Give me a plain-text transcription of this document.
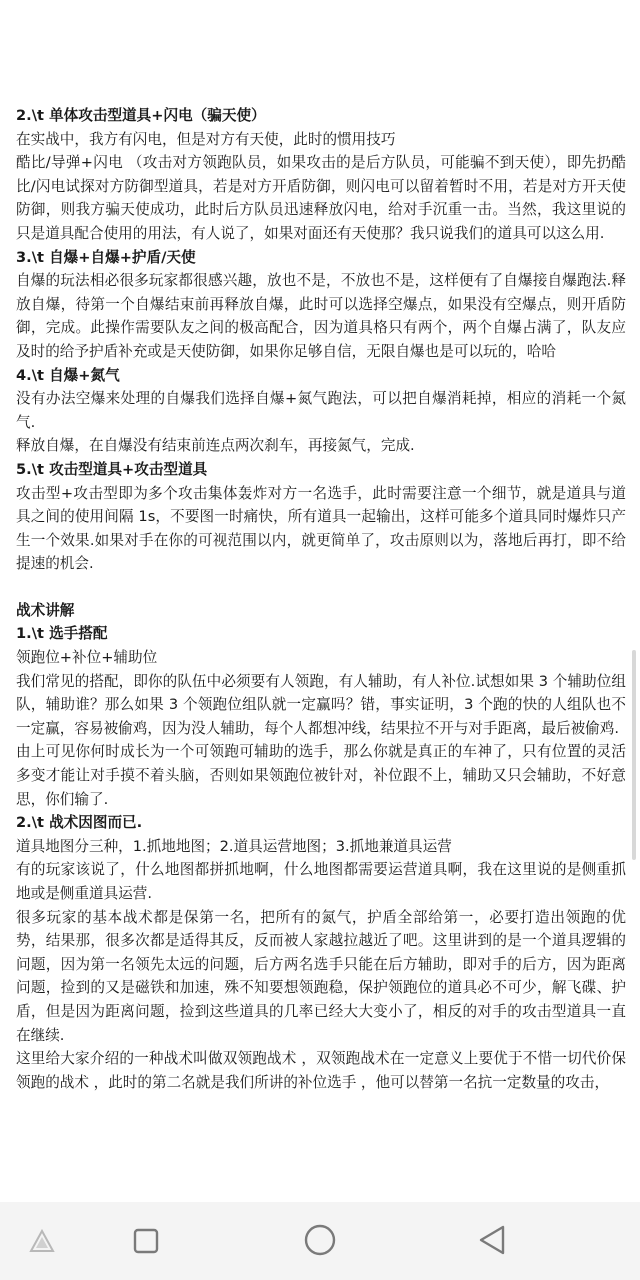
2.\t 单体攻击型道具+闪电（骗天使）

在实战中，我方有闪电，但是对方有天使，此时的惯用技巧

酷比/导弹+闪电 （攻击对方领跑队员，如果攻击的是后方队员，可能骗不到天使），即先扔酷比/闪电试探对方防御型道具，若是对方开盾防御，则闪电可以留着暂时不用，若是对方开天使防御，则我方骗天使成功，此时后方队员迅速释放闪电，给对手沉重一击。当然，我这里说的只是道具配合使用的用法，有人说了，如果对面还有天使那？我只说我们的道具可以这么用.

3.\t 自爆+自爆+护盾/天使

自爆的玩法相必很多玩家都很感兴趣，放也不是，不放也不是，这样便有了自爆接自爆跑法.释放自爆，待第一个自爆结束前再释放自爆，此时可以选择空爆点，如果没有空爆点，则开盾防御，完成。此操作需要队友之间的极高配合，因为道具格只有两个，两个自爆占满了，队友应及时的给予护盾补充或是天使防御，如果你足够自信，无限自爆也是可以玩的，哈哈

4.\t 自爆+氮气

没有办法空爆来处理的自爆我们选择自爆+氮气跑法，可以把自爆消耗掉，相应的消耗一个氮气.

释放自爆，在自爆没有结束前连点两次刹车，再接氮气，完成.

5.\t 攻击型道具+攻击型道具

攻击型+攻击型即为多个攻击集体轰炸对方一名选手，此时需要注意一个细节，就是道具与道具之间的使用间隔 1s，不要图一时痛快，所有道具一起输出，这样可能多个道具同时爆炸只产生一个效果.如果对手在你的可视范围以内，就更简单了，攻击原则以为，落地后再打，即不给提速的机会.

战术讲解

1.\t 选手搭配

领跑位+补位+辅助位

我们常见的搭配，即你的队伍中必须要有人领跑，有人辅助，有人补位.试想如果 3 个辅助位组队，辅助谁？那么如果 3 个领跑位组队就一定赢吗？错，事实证明，3 个跑的快的人组队也不一定赢，容易被偷鸡，因为没人辅助，每个人都想冲线，结果拉不开与对手距离，最后被偷鸡.

由上可见你何时成长为一个可领跑可辅助的选手，那么你就是真正的车神了，只有位置的灵活多变才能让对手摸不着头脑，否则如果领跑位被针对，补位跟不上，辅助又只会辅助，不好意思，你们输了.

2.\t 战术因图而已.

道具地图分三种，1.抓地地图；2.道具运营地图；3.抓地兼道具运营

有的玩家该说了，什么地图都拼抓地啊，什么地图都需要运营道具啊，我在这里说的是侧重抓地或是侧重道具运营.

很多玩家的基本战术都是保第一名，把所有的氮气，护盾全部给第一，必要打造出领跑的优势，结果那，很多次都是适得其反，反而被人家越拉越近了吧。这里讲到的是一个道具逻辑的问题，因为第一名领先太远的问题，后方两名选手只能在后方辅助，即对手的后方，因为距离问题，捡到的又是磁铁和加速，殊不知要想领跑稳，保护领跑位的道具必不可少，解飞碟、护盾，但是因为距离问题，捡到这些道具的几率已经大大变小了，相反的对手的攻击型道具一直在继续.

这里给大家介绍的一种战术叫做双领跑战术 ，双领跑战术在一定意义上要优于不惜一切代价保领跑的战术 ，此时的第二名就是我们所讲的补位选手 ，他可以替第一名抗一定数量的攻击，
